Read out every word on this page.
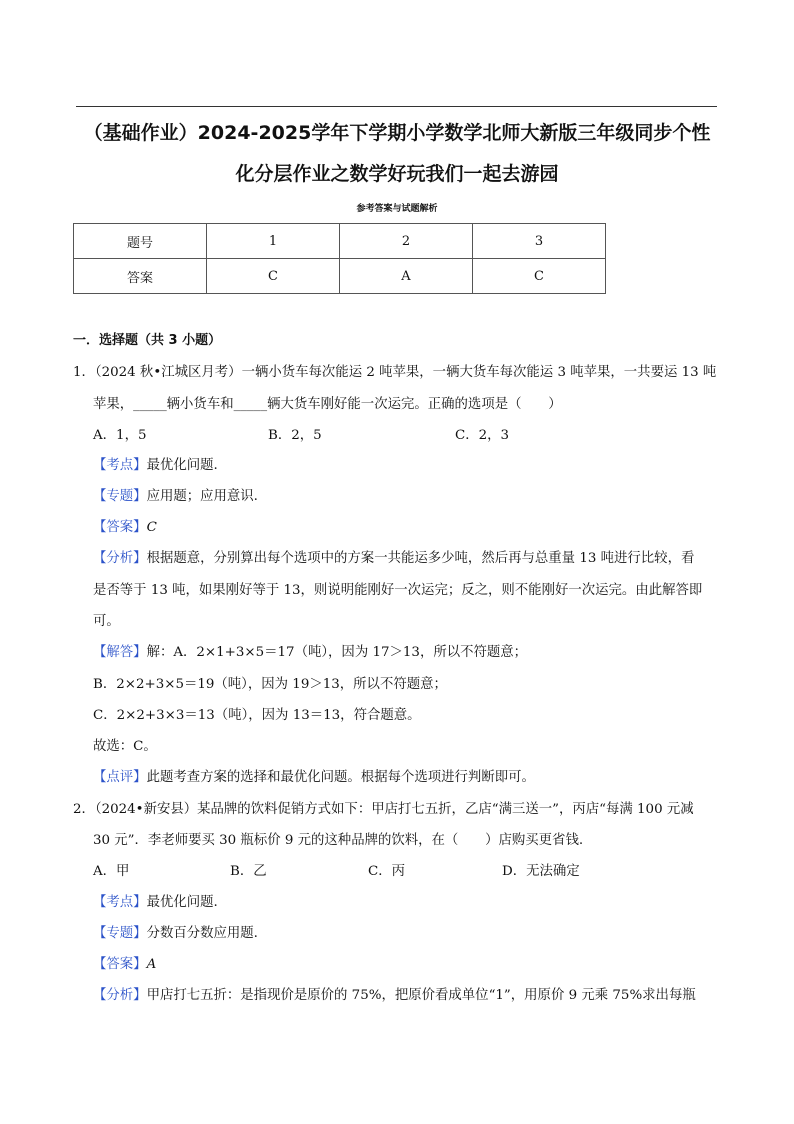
（基础作业）2024-2025学年下学期小学数学北师大新版三年级同步个性
化分层作业之数学好玩我们一起去游园
参考答案与试题解析
题号	1	2	3
答案	C	A	C
一．选择题（共 3 小题）
1．（2024 秋•江城区月考）一辆小货车每次能运 2 吨苹果，一辆大货车每次能运 3 吨苹果，一共要运 13 吨
苹果，_____辆小货车和_____辆大货车刚好能一次运完。正确的选项是（　　）
A．1，5	B．2，5	C．2，3
【考点】最优化问题.
【专题】应用题；应用意识.
【答案】C
【分析】根据题意，分别算出每个选项中的方案一共能运多少吨，然后再与总重量 13 吨进行比较，看
是否等于 13 吨，如果刚好等于 13，则说明能刚好一次运完；反之，则不能刚好一次运完。由此解答即
可。
【解答】解：A．2×1+3×5＝17（吨），因为 17＞13，所以不符题意；
B．2×2+3×5＝19（吨），因为 19＞13，所以不符题意；
C．2×2+3×3＝13（吨），因为 13＝13，符合题意。
故选：C。
【点评】此题考查方案的选择和最优化问题。根据每个选项进行判断即可。
2．（2024•新安县）某品牌的饮料促销方式如下：甲店打七五折，乙店“满三送一”，丙店“每满 100 元减
30 元”．李老师要买 30 瓶标价 9 元的这种品牌的饮料，在（　　）店购买更省钱.
A．甲	B．乙	C．丙	D．无法确定
【考点】最优化问题.
【专题】分数百分数应用题.
【答案】A
【分析】甲店打七五折：是指现价是原价的 75%，把原价看成单位“1”，用原价 9 元乘 75%求出每瓶
